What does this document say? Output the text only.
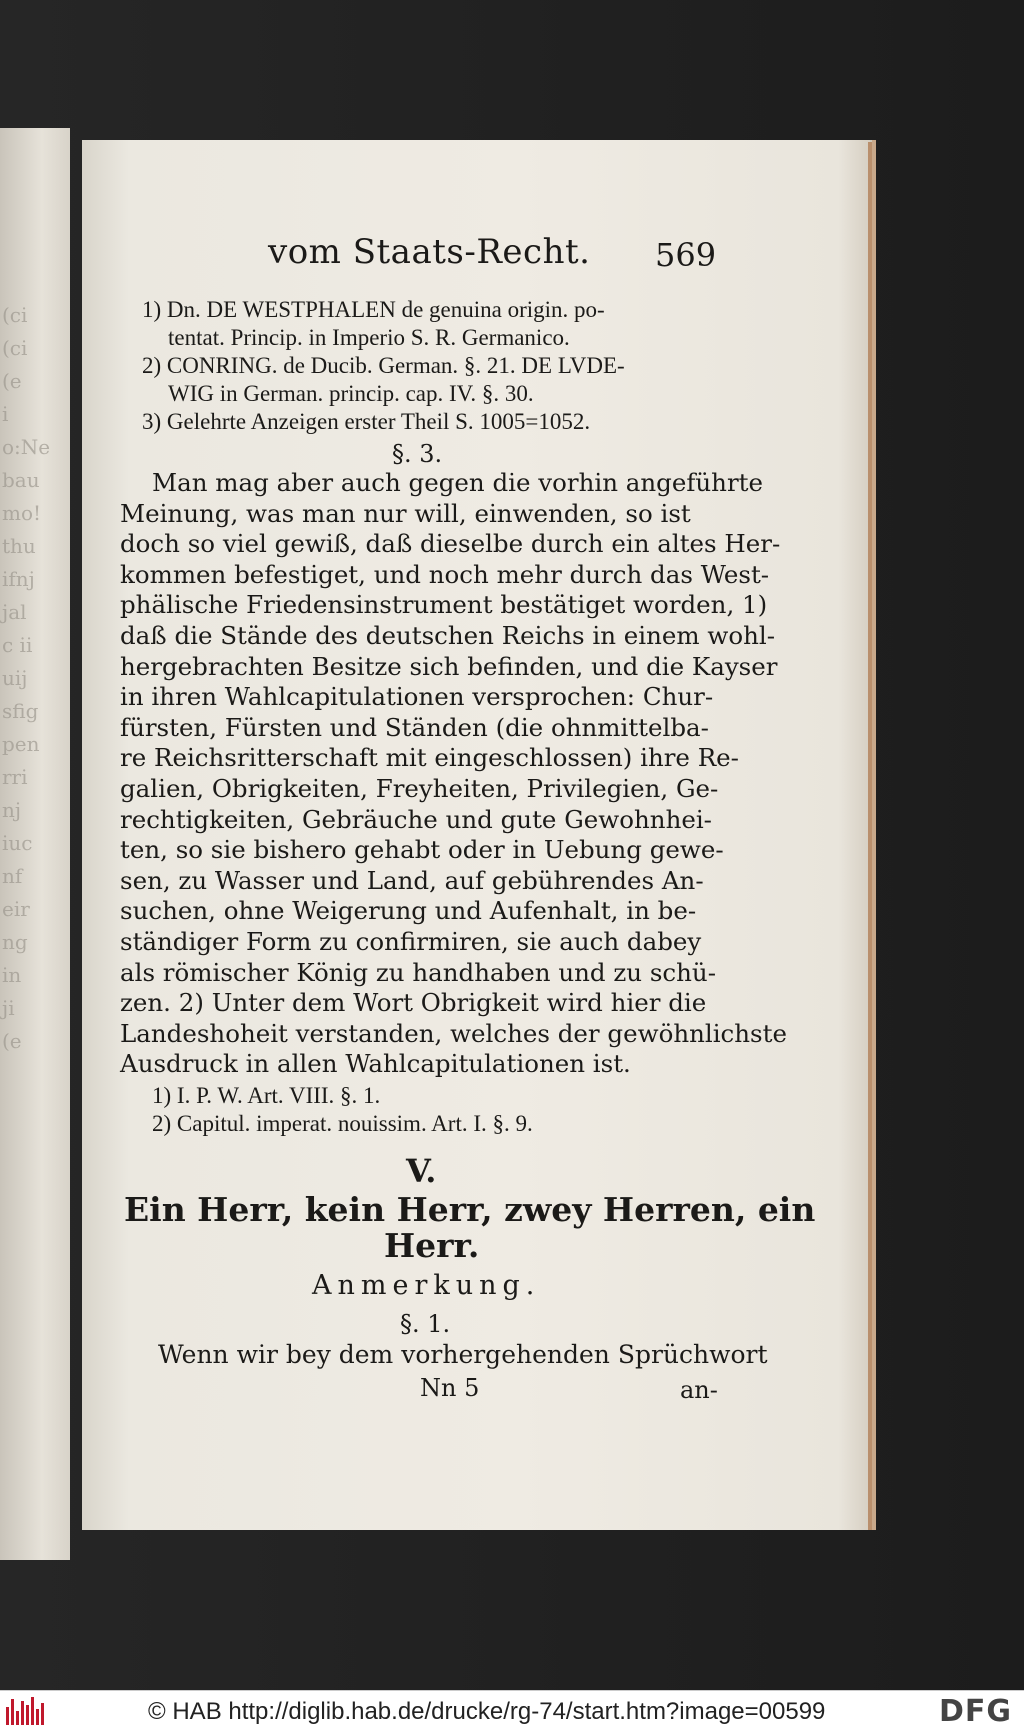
(ci
(ci
(e
i
o:Ne
bau
mo!
thu
ifnj
jal
c ii
uij
sfig
pen
rri
nj
iuc
nf
eir
ng
in
ji
(e
vom Staats-Recht. 569
1) Dn. DE WESTPHALEN de genuina origin. po-
tentat. Princip. in Imperio S. R. Germanico.
2) CONRING. de Ducib. German. §. 21. DE LVDE-
WIG in German. princip. cap. IV. §. 30.
3) Gelehrte Anzeigen erster Theil S. 1005=1052.
§. 3.
Man mag aber auch gegen die vorhin angeführte
Meinung, was man nur will, einwenden, so ist
doch so viel gewiß, daß dieselbe durch ein altes Her-
kommen befestiget, und noch mehr durch das West-
phälische Friedensinstrument bestätiget worden, 1)
daß die Stände des deutschen Reichs in einem wohl-
hergebrachten Besitze sich befinden, und die Kayser
in ihren Wahlcapitulationen versprochen: Chur-
fürsten, Fürsten und Ständen (die ohnmittelba-
re Reichsritterschaft mit eingeschlossen) ihre Re-
galien, Obrigkeiten, Freyheiten, Privilegien, Ge-
rechtigkeiten, Gebräuche und gute Gewohnhei-
ten, so sie bishero gehabt oder in Uebung gewe-
sen, zu Wasser und Land, auf gebührendes An-
suchen, ohne Weigerung und Aufenhalt, in be-
ständiger Form zu confirmiren, sie auch dabey
als römischer König zu handhaben und zu schü-
zen. 2) Unter dem Wort Obrigkeit wird hier die
Landeshoheit verstanden, welches der gewöhnlichste
Ausdruck in allen Wahlcapitulationen ist.
1) I. P. W. Art. VIII. §. 1.
2) Capitul. imperat. nouissim. Art. I. §. 9.
V.
Ein Herr, kein Herr, zwey Herren, ein
Herr.
Anmerkung.
§. 1.
Wenn wir bey dem vorhergehenden Sprüchwort
Nn 5	an-
© HAB http://diglib.hab.de/drucke/rg-74/start.htm?image=00599	DFG
